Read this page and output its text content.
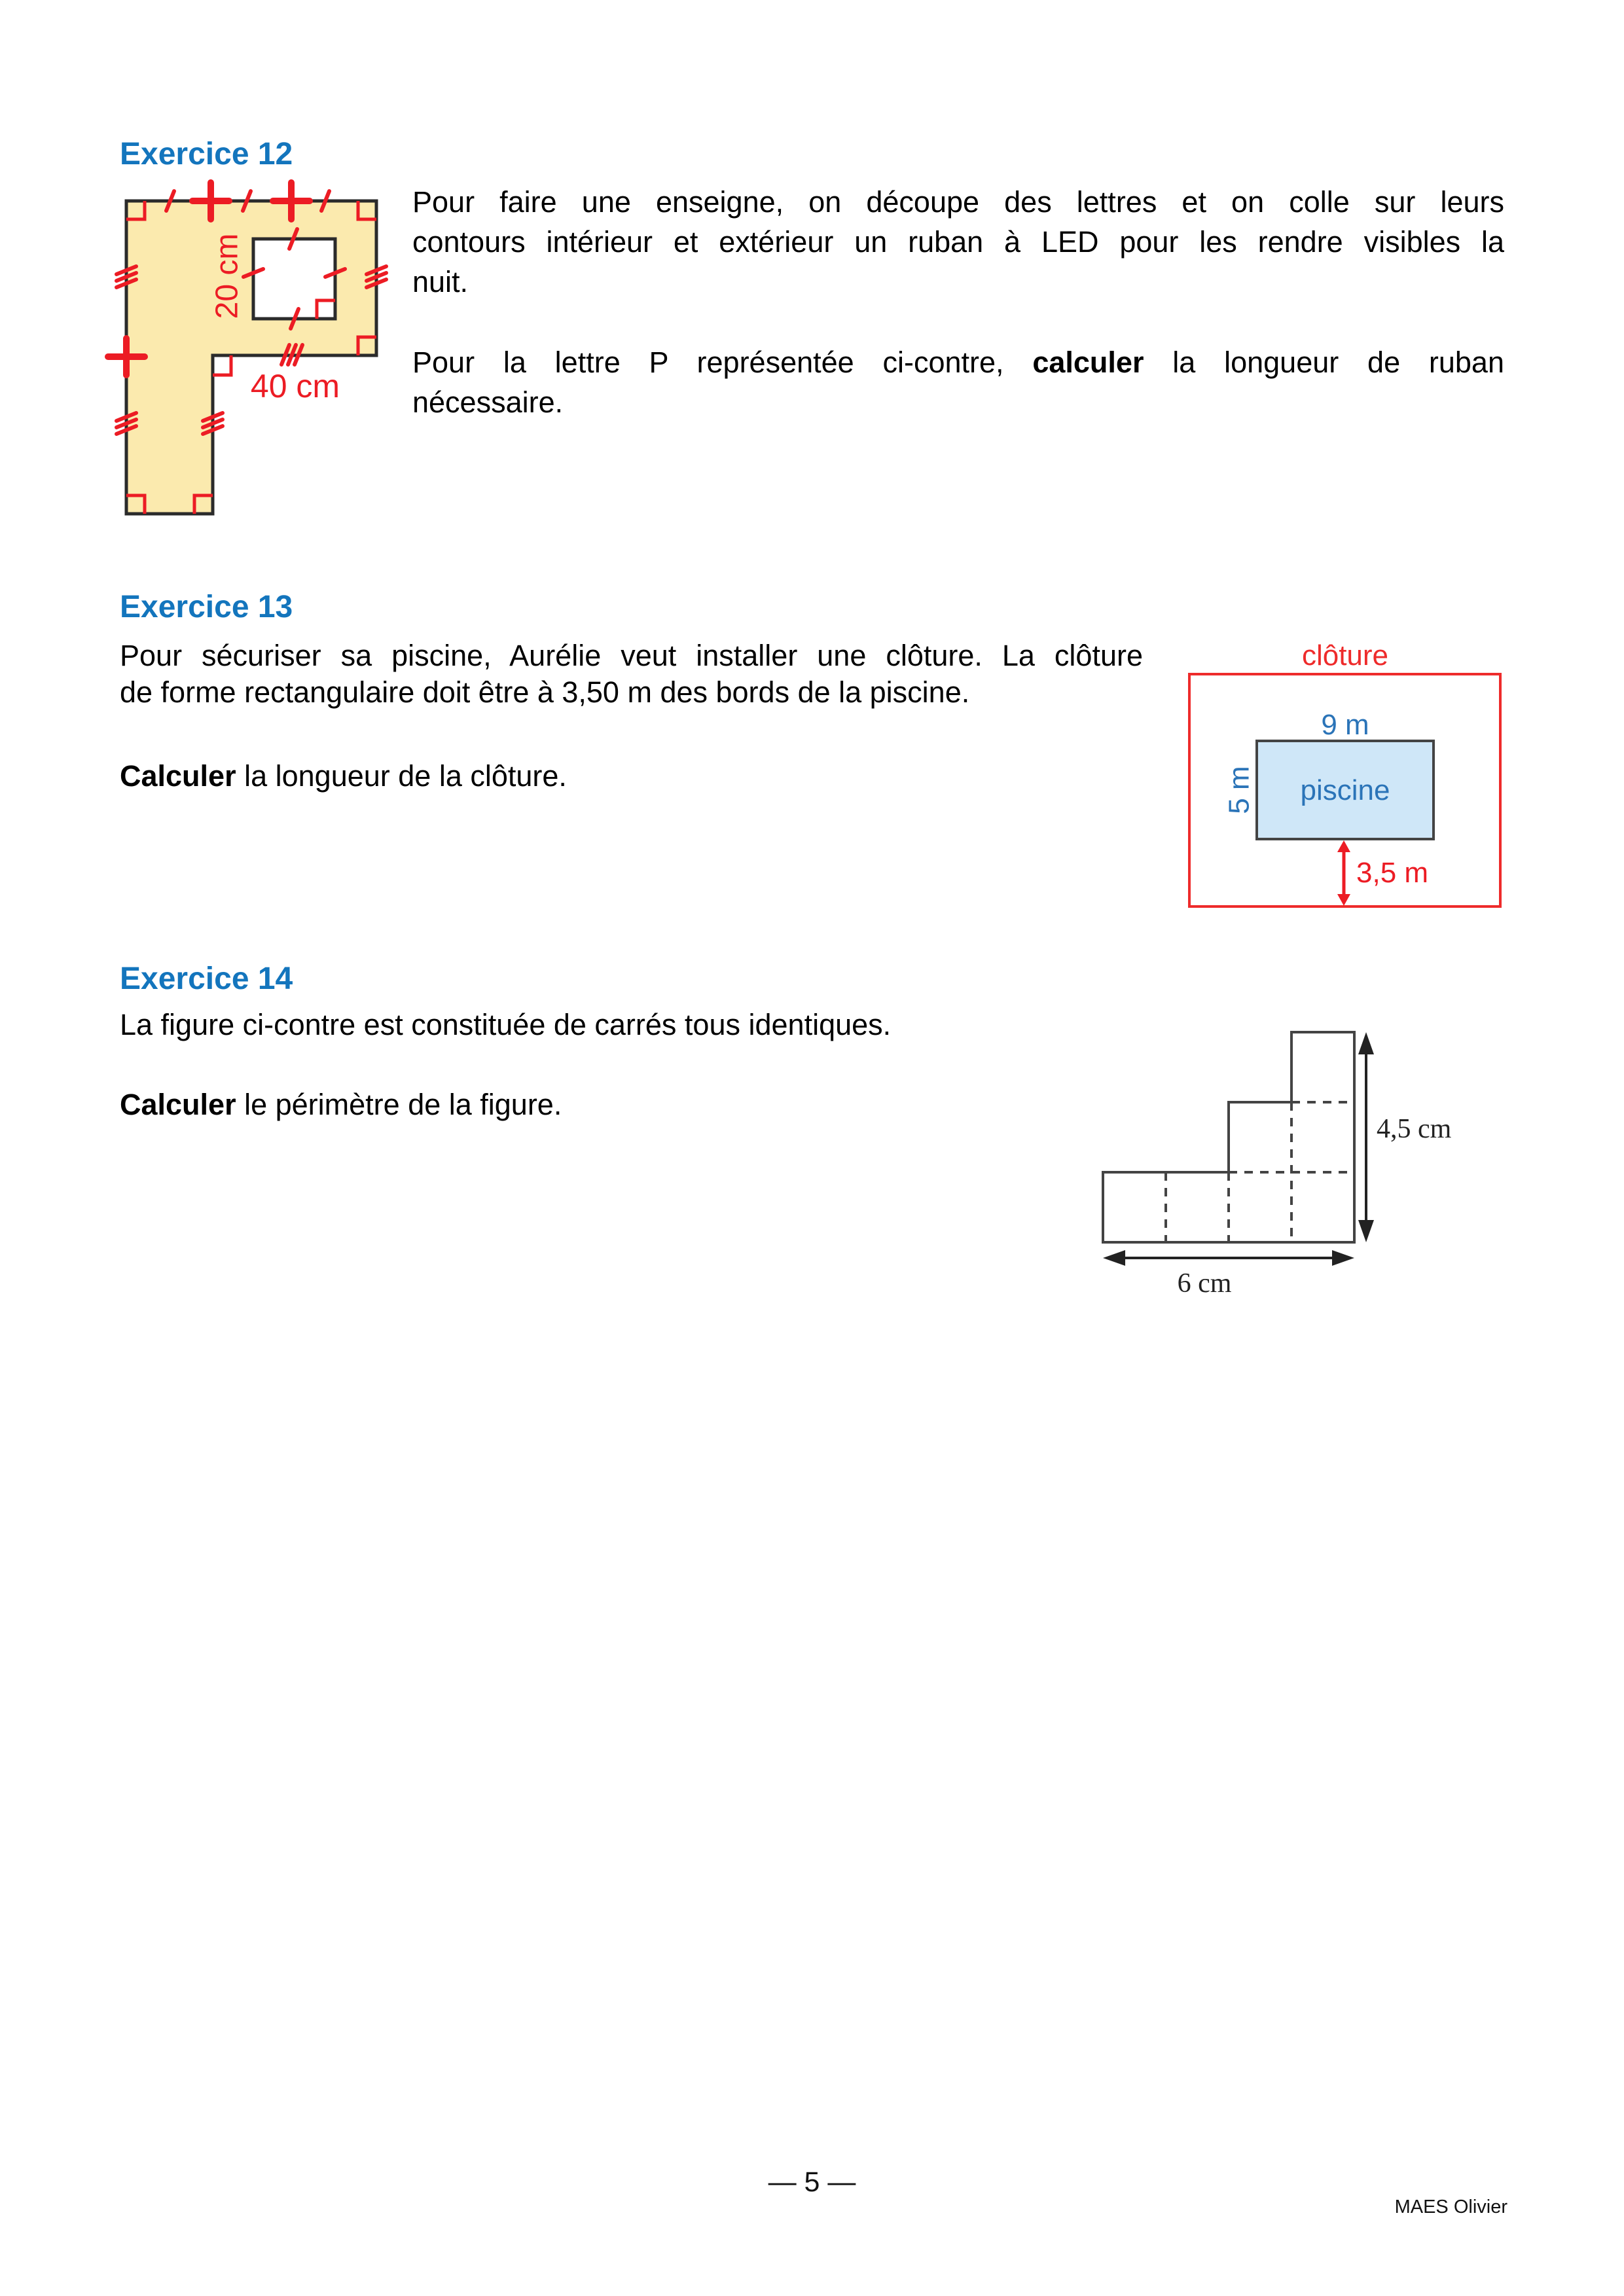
Exercice 12
20 cm
40 cm
Pour faire une enseigne, on découpe des lettres et on colle sur leurs
contours intérieur et extérieur un ruban à LED pour les rendre visibles la
nuit.
Pour la lettre P représentée ci-contre, calculer la longueur de ruban
nécessaire.
Exercice 13
Pour sécuriser sa piscine, Aurélie veut installer une clôture. La clôture
de forme rectangulaire doit être à 3,50 m des bords de la piscine.
Calculer la longueur de la clôture.
clôture
9 m
5 m piscine
3,5 m
Exercice 14
La figure ci-contre est constituée de carrés tous identiques.
Calculer le périmètre de la figure.
4,5 cm
6 cm
— 5 —
MAES Olivier
